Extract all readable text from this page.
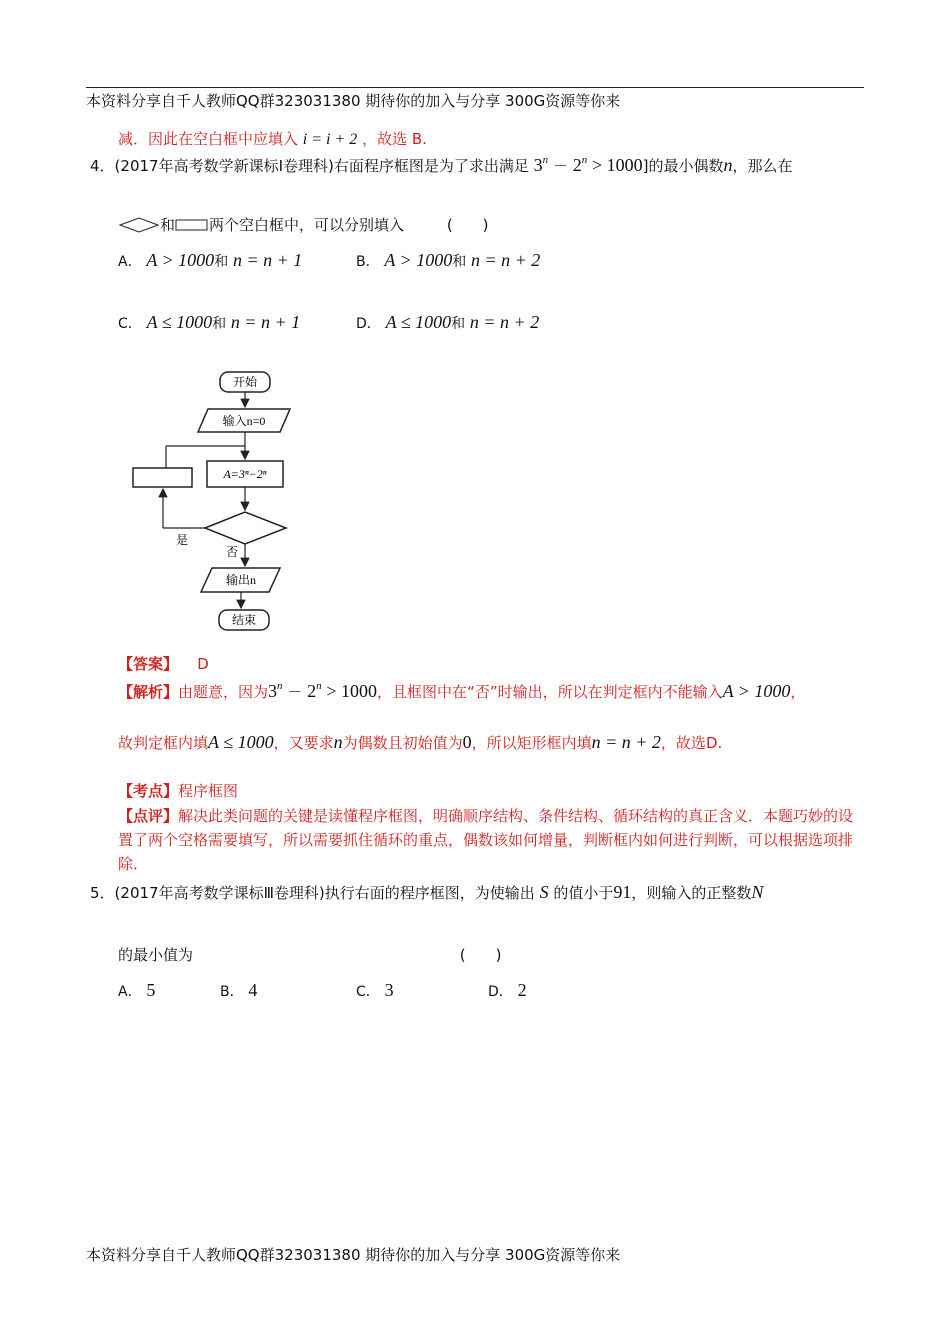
本资料分享自千人教师QQ群323031380 期待你的加入与分享 300G资源等你来
减．因此在空白框中应填入 i = i + 2 ，故选 B.
4．(2017年高考数学新课标Ⅰ卷理科)右面程序框图是为了求出满足 $3^n - 2^n > 1000$]的最小偶数n，那么在
和 两个空白框中，可以分别填入	(　　)
A． A > 1000和 n = n + 1	B． A > 1000和 n = n + 2
C． A ≤ 1000和 n = n + 1	D． A ≤ 1000和 n = n + 2
开始
输入n=0
A=3ⁿ−2ⁿ
是
否
输出n
结束
【答案】 D
【解析】由题意，因为$3^n - 2^n > 1000$，且框图中在“否”时输出，所以在判定框内不能输入A > 1000，
故判定框内填A ≤ 1000，又要求n为偶数且初始值为0，所以矩形框内填n = n + 2，故选D.
【考点】程序框图
【点评】解决此类问题的关键是读懂程序框图，明确顺序结构、条件结构、循环结构的真正含义．本题巧妙的设置了两个空格需要填写，所以需要抓住循环的重点，偶数该如何增量，判断框内如何进行判断，可以根据选项排除．
5．(2017年高考数学课标Ⅲ卷理科)执行右面的程序框图，为使输出 S 的值小于91，则输入的正整数N
的最小值为	(　　)
A． 5	B． 4	C． 3	D． 2
本资料分享自千人教师QQ群323031380 期待你的加入与分享 300G资源等你来
